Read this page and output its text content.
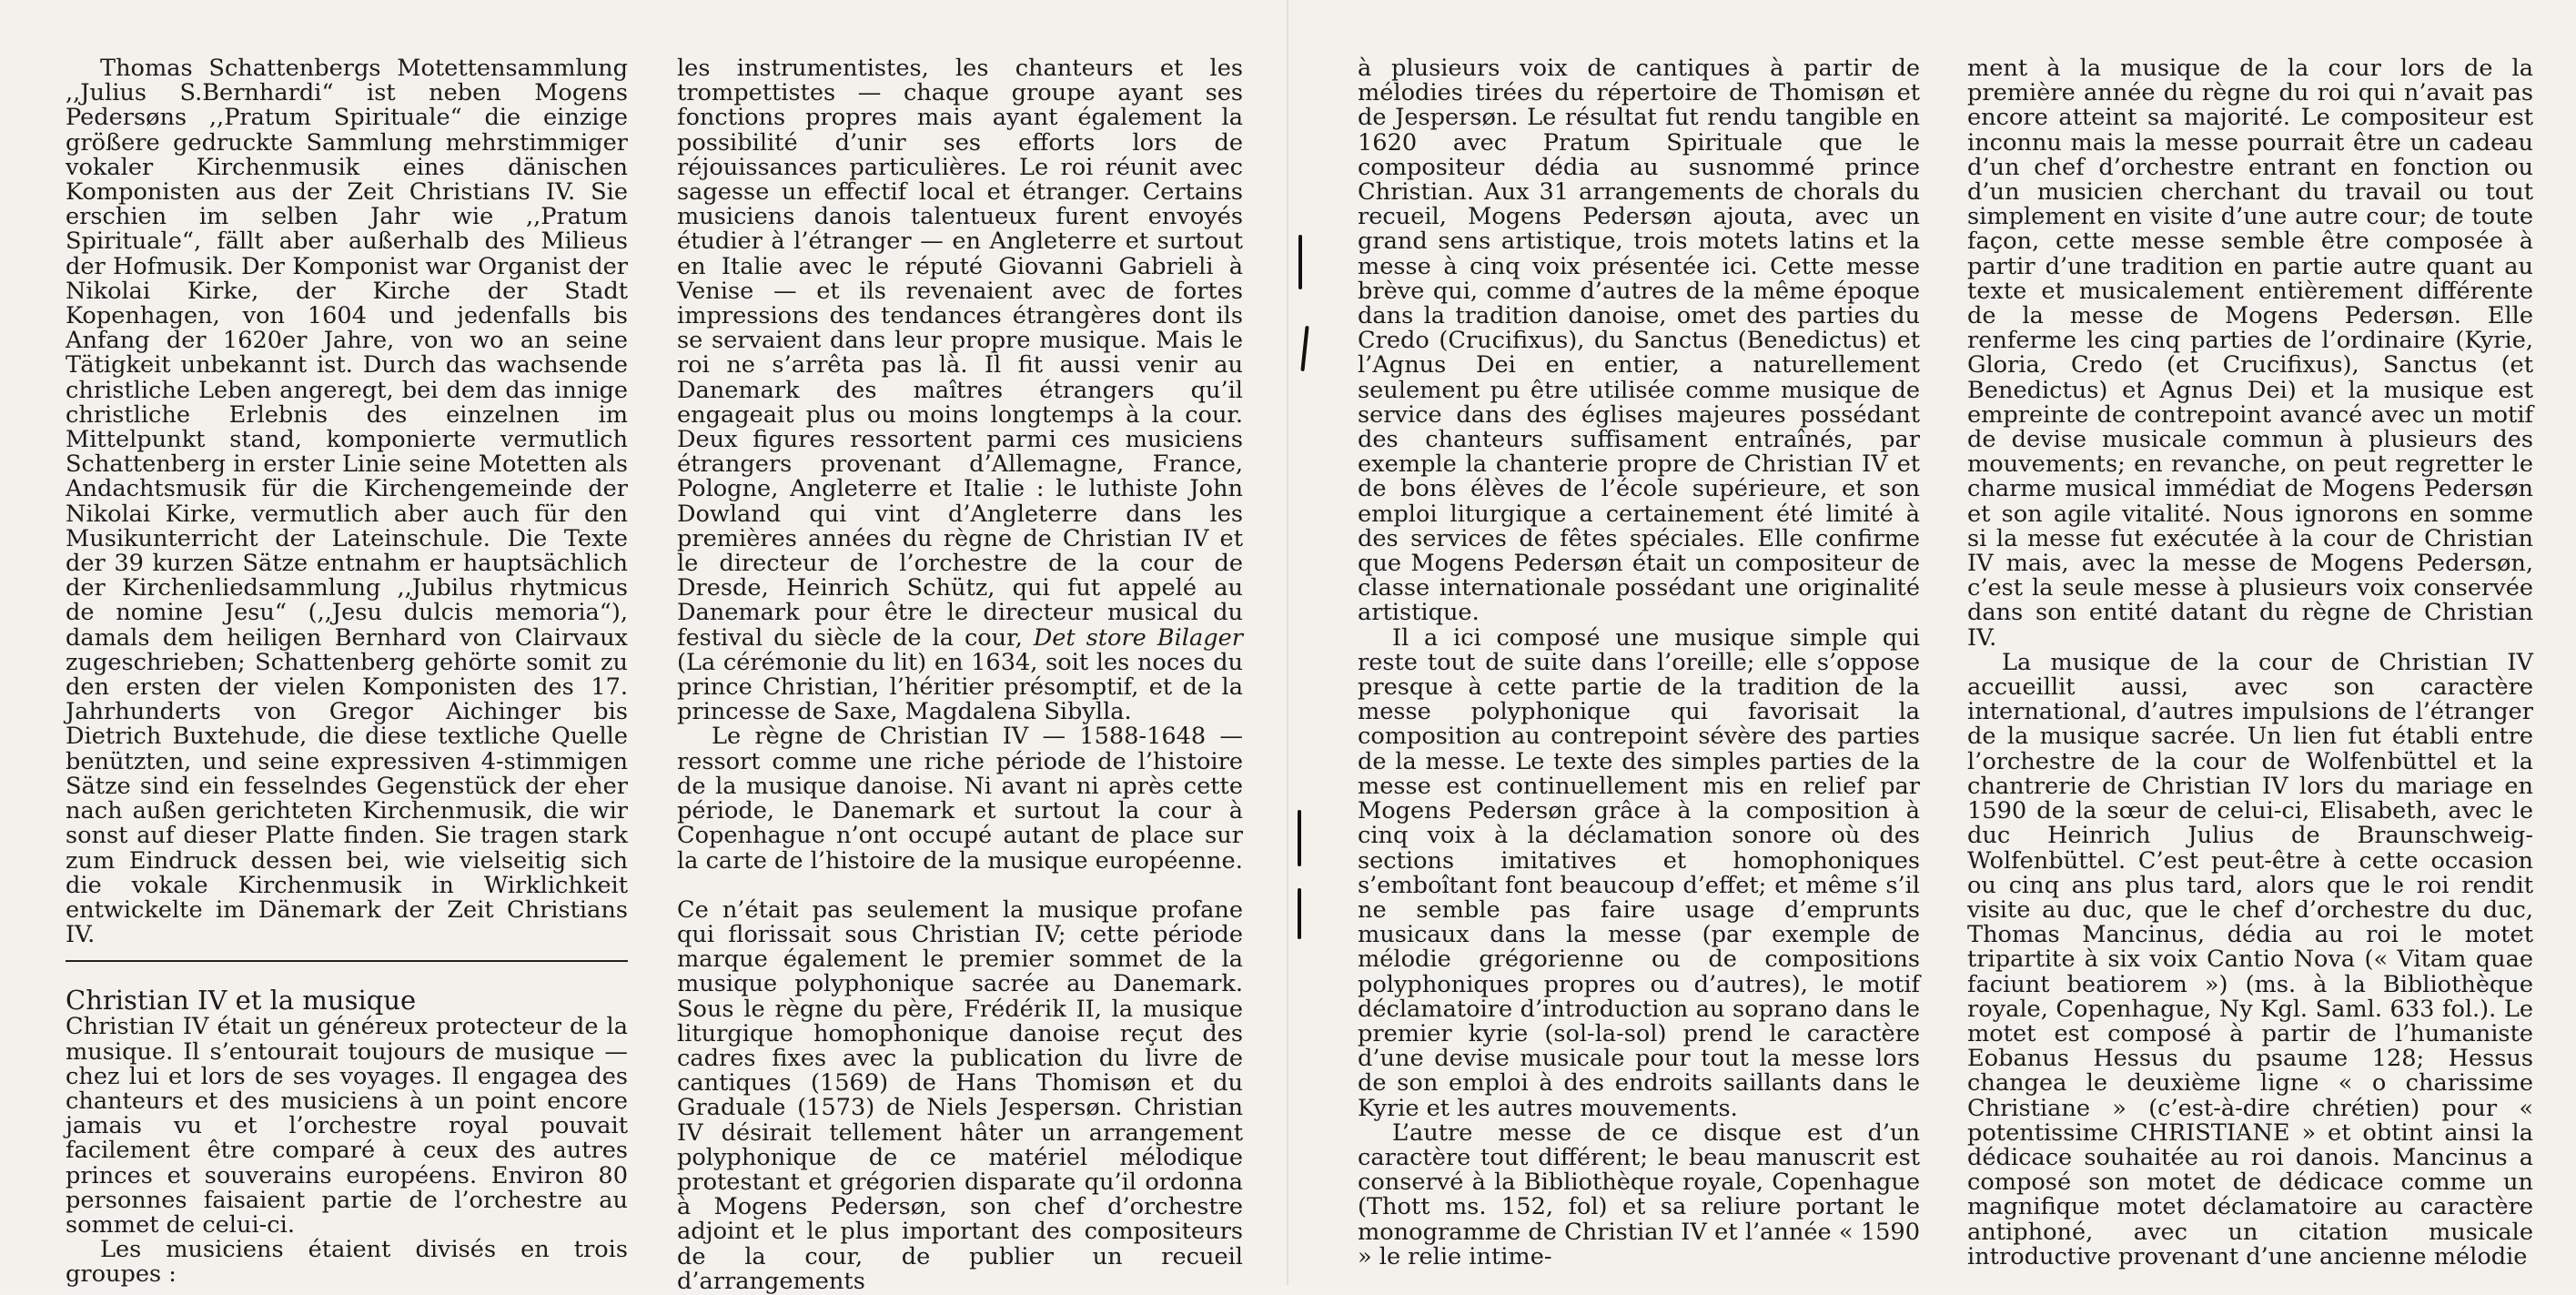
Thomas Schattenbergs Motettensammlung ,,Julius S.Bernhardi“ ist neben Mogens Pedersøns ,,Pratum Spirituale“ die einzige größere gedruckte Sammlung mehrstimmiger vokaler Kirchenmusik eines dänischen Komponisten aus der Zeit Christians IV. Sie erschien im selben Jahr wie ,,Pratum Spirituale“, fällt aber außerhalb des Milieus der Hofmusik. Der Komponist war Organist der Nikolai Kirke, der Kirche der Stadt Kopenhagen, von 1604 und jedenfalls bis Anfang der 1620er Jahre, von wo an seine Tätigkeit unbekannt ist. Durch das wachsende christliche Leben angeregt, bei dem das innige christliche Erlebnis des einzelnen im Mittelpunkt stand, komponierte vermutlich Schattenberg in erster Linie seine Motetten als Andachtsmusik für die Kirchengemeinde der Nikolai Kirke, vermutlich aber auch für den Musikunterricht der Lateinschule. Die Texte der 39 kurzen Sätze entnahm er hauptsächlich der Kirchenliedsammlung ,,Jubilus rhytmicus de nomine Jesu“ (,,Jesu dulcis memoria“), damals dem heiligen Bernhard von Clairvaux zugeschrieben; Schattenberg gehörte somit zu den ersten der vielen Komponisten des 17. Jahrhunderts von Gregor Aichinger bis Dietrich Buxtehude, die diese textliche Quelle benützten, und seine expressiven 4-stimmigen Sätze sind ein fesselndes Gegenstück der eher nach außen gerichteten Kirchenmusik, die wir sonst auf dieser Platte finden. Sie tragen stark zum Eindruck dessen bei, wie vielseitig sich die vokale Kirchenmusik in Wirklichkeit entwickelte im Dänemark der Zeit Christians IV.

Christian IV et la musique

Christian IV était un généreux protecteur de la musique. Il s’entourait toujours de musique — chez lui et lors de ses voyages. Il engagea des chanteurs et des musiciens à un point encore jamais vu et l’orchestre royal pouvait facilement être comparé à ceux des autres princes et souverains européens. Environ 80 personnes faisaient partie de l’orchestre au sommet de celui-ci.

Les musiciens étaient divisés en trois groupes :

les instrumentistes, les chanteurs et les trompettistes — chaque groupe ayant ses fonctions propres mais ayant également la possibilité d’unir ses efforts lors de réjouissances particulières. Le roi réunit avec sagesse un effectif local et étranger. Certains musiciens danois talentueux furent envoyés étudier à l’étranger — en Angleterre et surtout en Italie avec le réputé Giovanni Gabrieli à Venise — et ils revenaient avec de fortes impressions des tendances étrangères dont ils se servaient dans leur propre musique. Mais le roi ne s’arrêta pas là. Il fit aussi venir au Danemark des maîtres étrangers qu’il engageait plus ou moins longtemps à la cour. Deux figures ressortent parmi ces musiciens étrangers provenant d’Allemagne, France, Pologne, Angleterre et Italie : le luthiste John Dowland qui vint d’Angleterre dans les premières années du règne de Christian IV et le directeur de l’orchestre de la cour de Dresde, Heinrich Schütz, qui fut appelé au Danemark pour être le directeur musical du festival du siècle de la cour, Det store Bilager (La cérémonie du lit) en 1634, soit les noces du prince Christian, l’héritier présomptif, et de la princesse de Saxe, Magdalena Sibylla.

Le règne de Christian IV — 1588-1648 — ressort comme une riche période de l’histoire de la musique danoise. Ni avant ni après cette période, le Danemark et surtout la cour à Copenhague n’ont occupé autant de place sur la carte de l’histoire de la musique européenne.

Ce n’était pas seulement la musique profane qui florissait sous Christian IV; cette période marque également le premier sommet de la musique polyphonique sacrée au Danemark. Sous le règne du père, Frédérik II, la musique liturgique homophonique danoise reçut des cadres fixes avec la publication du livre de cantiques (1569) de Hans Thomisøn et du Graduale (1573) de Niels Jespersøn. Christian IV désirait tellement hâter un arrangement polyphonique de ce matériel mélodique protestant et grégorien disparate qu’il ordonna à Mogens Pedersøn, son chef d’orchestre adjoint et le plus important des compositeurs de la cour, de publier un recueil d’arrangements

à plusieurs voix de cantiques à partir de mélodies tirées du répertoire de Thomisøn et de Jespersøn. Le résultat fut rendu tangible en 1620 avec Pratum Spirituale que le compositeur dédia au susnommé prince Christian. Aux 31 arrangements de chorals du recueil, Mogens Pedersøn ajouta, avec un grand sens artistique, trois motets latins et la messe à cinq voix présentée ici. Cette messe brève qui, comme d’autres de la même époque dans la tradition danoise, omet des parties du Credo (Crucifixus), du Sanctus (Benedictus) et l’Agnus Dei en entier, a naturellement seulement pu être utilisée comme musique de service dans des églises majeures possédant des chanteurs suffisament entraînés, par exemple la chanterie propre de Christian IV et de bons élèves de l’école supérieure, et son emploi liturgique a certainement été limité à des services de fêtes spéciales. Elle confirme que Mogens Pedersøn était un compositeur de classe internationale possédant une originalité artistique.

Il a ici composé une musique simple qui reste tout de suite dans l’oreille; elle s’oppose presque à cette partie de la tradition de la messe polyphonique qui favorisait la composition au contrepoint sévère des parties de la messe. Le texte des simples parties de la messe est continuellement mis en relief par Mogens Pedersøn grâce à la composition à cinq voix à la déclamation sonore où des sections imitatives et homophoniques s’emboîtant font beaucoup d’effet; et même s’il ne semble pas faire usage d’emprunts musicaux dans la messe (par exemple de mélodie grégorienne ou de compositions polyphoniques propres ou d’autres), le motif déclamatoire d’introduction au soprano dans le premier kyrie (sol-la-sol) prend le caractère d’une devise musicale pour tout la messe lors de son emploi à des endroits saillants dans le Kyrie et les autres mouvements.

L’autre messe de ce disque est d’un caractère tout différent; le beau manuscrit est conservé à la Bibliothèque royale, Copenhague (Thott ms. 152, fol) et sa reliure portant le monogramme de Christian IV et l’année « 1590 » le relie intime-

ment à la musique de la cour lors de la première année du règne du roi qui n’avait pas encore atteint sa majorité. Le compositeur est inconnu mais la messe pourrait être un cadeau d’un chef d’orchestre entrant en fonction ou d’un musicien cherchant du travail ou tout simplement en visite d’une autre cour; de toute façon, cette messe semble être composée à partir d’une tradition en partie autre quant au texte et musicalement entièrement différente de la messe de Mogens Pedersøn. Elle renferme les cinq parties de l’ordinaire (Kyrie, Gloria, Credo (et Crucifixus), Sanctus (et Benedictus) et Agnus Dei) et la musique est empreinte de contrepoint avancé avec un motif de devise musicale commun à plusieurs des mouvements; en revanche, on peut regretter le charme musical immédiat de Mogens Pedersøn et son agile vitalité. Nous ignorons en somme si la messe fut exécutée à la cour de Christian IV mais, avec la messe de Mogens Pedersøn, c’est la seule messe à plusieurs voix conservée dans son entité datant du règne de Christian IV.

La musique de la cour de Christian IV accueillit aussi, avec son caractère international, d’autres impulsions de l’étranger de la musique sacrée. Un lien fut établi entre l’orchestre de la cour de Wolfenbüttel et la chantrerie de Christian IV lors du mariage en 1590 de la sœur de celui-ci, Elisabeth, avec le duc Heinrich Julius de Braunschweig-Wolfenbüttel. C’est peut-être à cette occasion ou cinq ans plus tard, alors que le roi rendit visite au duc, que le chef d’orchestre du duc, Thomas Mancinus, dédia au roi le motet tripartite à six voix Cantio Nova (« Vitam quae faciunt beatiorem ») (ms. à la Bibliothèque royale, Copenhague, Ny Kgl. Saml. 633 fol.). Le motet est composé à partir de l’humaniste Eobanus Hessus du psaume 128; Hessus changea le deuxième ligne « o charissime Christiane » (c’est-à-dire chrétien) pour « potentissime CHRISTIANE » et obtint ainsi la dédicace souhaitée au roi danois. Mancinus a composé son motet de dédicace comme un magnifique motet déclamatoire au caractère antiphoné, avec un citation musicale introductive provenant d’une ancienne mélodie
